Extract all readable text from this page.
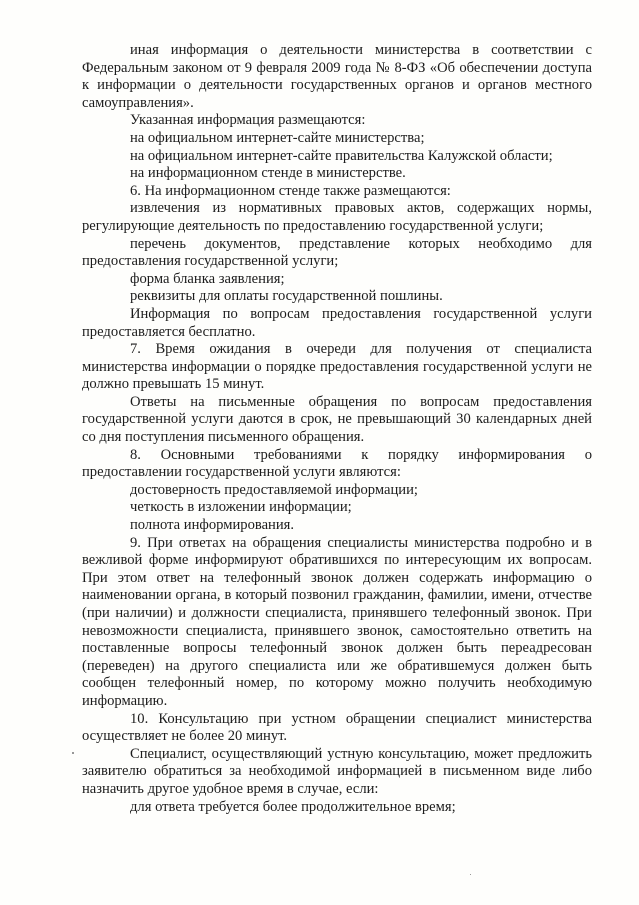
иная информация о деятельности министерства в соответствии с Федеральным законом от 9 февраля 2009 года № 8-ФЗ «Об обеспечении доступа к информации о деятельности государственных органов и органов местного самоуправления».

Указанная информация размещаются:

на официальном интернет-сайте министерства;

на официальном интернет-сайте правительства Калужской области;

на информационном стенде в министерстве.

6. На информационном стенде также размещаются:

извлечения из нормативных правовых актов, содержащих нормы, регулирующие деятельность по предоставлению государственной услуги;

перечень документов, представление которых необходимо для предоставления государственной услуги;

форма бланка заявления;

реквизиты для оплаты государственной пошлины.

Информация по вопросам предоставления государственной услуги предоставляется бесплатно.

7. Время ожидания в очереди для получения от специалиста министерства информации о порядке предоставления государственной услуги не должно превышать 15 минут.

Ответы на письменные обращения по вопросам предоставления государственной услуги даются в срок, не превышающий 30 календарных дней со дня поступления письменного обращения.

8. Основными требованиями к порядку информирования о предоставлении государственной услуги являются:

достоверность предоставляемой информации;

четкость в изложении информации;

полнота информирования.

9. При ответах на обращения специалисты министерства подробно и в вежливой форме информируют обратившихся по интересующим их вопросам. При этом ответ на телефонный звонок должен содержать информацию о наименовании органа, в который позвонил гражданин, фамилии, имени, отчестве (при наличии) и должности специалиста, принявшего телефонный звонок. При невозможности специалиста, принявшего звонок, самостоятельно ответить на поставленные вопросы телефонный звонок должен быть переадресован (переведен) на другого специалиста или же обратившемуся должен быть сообщен телефонный номер, по которому можно получить необходимую информацию.

10. Консультацию при устном обращении специалист министерства осуществляет не более 20 минут.

Специалист, осуществляющий устную консультацию, может предложить заявителю обратиться за необходимой информацией в письменном виде либо назначить другое удобное время в случае, если:

для ответа требуется более продолжительное время;
